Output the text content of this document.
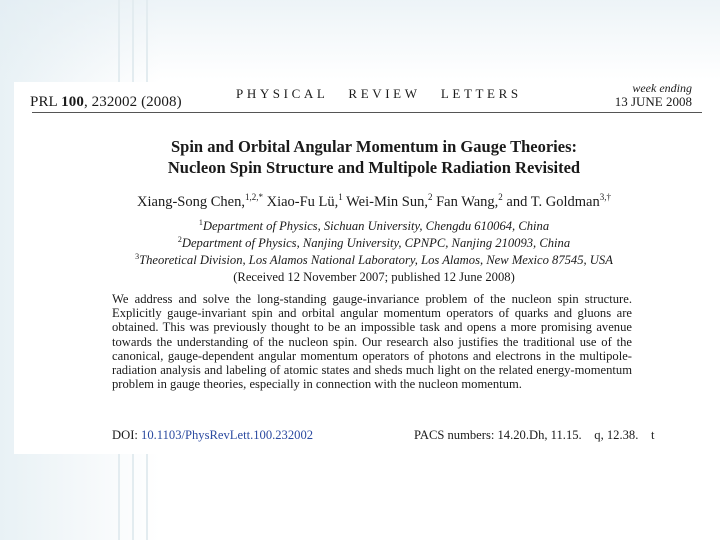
PRL 100, 232002 (2008)
PHYSICAL   REVIEW   LETTERS	week ending
13 JUNE 2008
Spin and Orbital Angular Momentum in Gauge Theories:
Nucleon Spin Structure and Multipole Radiation Revisited
Xiang-Song Chen,$^{1,2,*}$ Xiao-Fu Lü,$^1$ Wei-Min Sun,$^2$ Fan Wang,$^2$ and T. Goldman$^{3,\dagger}$
$^1$Department of Physics, Sichuan University, Chengdu 610064, China
$^2$Department of Physics, Nanjing University, CPNPC, Nanjing 210093, China
$^3$Theoretical Division, Los Alamos National Laboratory, Los Alamos, New Mexico 87545, USA
(Received 12 November 2007; published 12 June 2008)
We address and solve the long-standing gauge-invariance problem of the nucleon spin structure. Explicitly gauge-invariant spin and orbital angular momentum operators of quarks and gluons are obtained. This was previously thought to be an impossible task and opens a more promising avenue towards the understanding of the nucleon spin. Our research also justifies the traditional use of the canonical, gauge-dependent angular momentum operators of photons and electrons in the multipole-radiation analysis and labeling of atomic states and sheds much light on the related energy-momentum problem in gauge theories, especially in connection with the nucleon momentum.
DOI: 10.1103/PhysRevLett.100.232002	PACS numbers: 14.20.Dh, 11.15.    q, 12.38.    t
